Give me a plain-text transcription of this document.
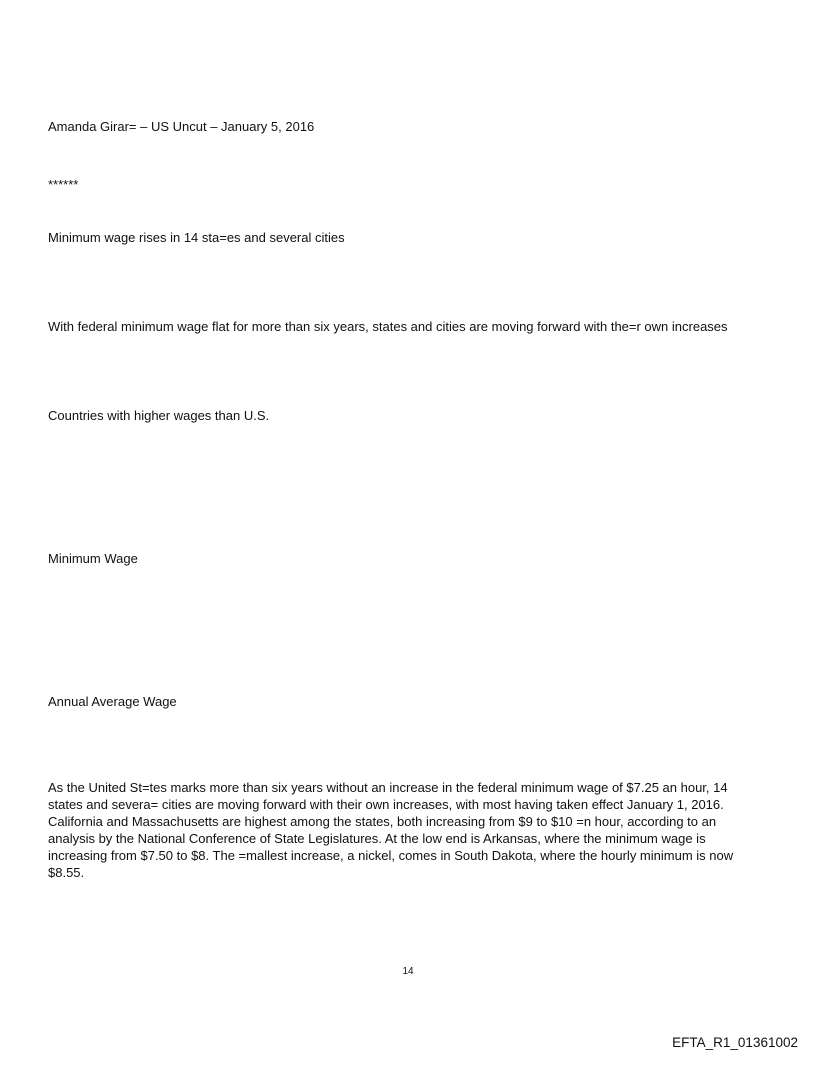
Amanda Girar= – US Uncut – January 5, 2016
******
Minimum wage rises in 14 sta=es and several cities
With federal minimum wage flat for more than six years, states and cities are moving forward with the=r own increases
Countries with higher wages than U.S.
Minimum Wage
Annual Average Wage
As the United St=tes marks more than six years without an increase in the federal minimum wage of $7.25 an hour, 14
states and severa= cities are moving forward with their own increases, with most having taken effect January 1, 2016.
California and Massachusetts are highest among the states, both increasing from $9 to $10 =n hour, according to an
analysis by the National Conference of State Legislatures. At the low end is Arkansas, where the minimum wage is
increasing from $7.50 to $8. The =mallest increase, a nickel, comes in South Dakota, where the hourly minimum is now
$8.55.
14
EFTA_R1_01361002
